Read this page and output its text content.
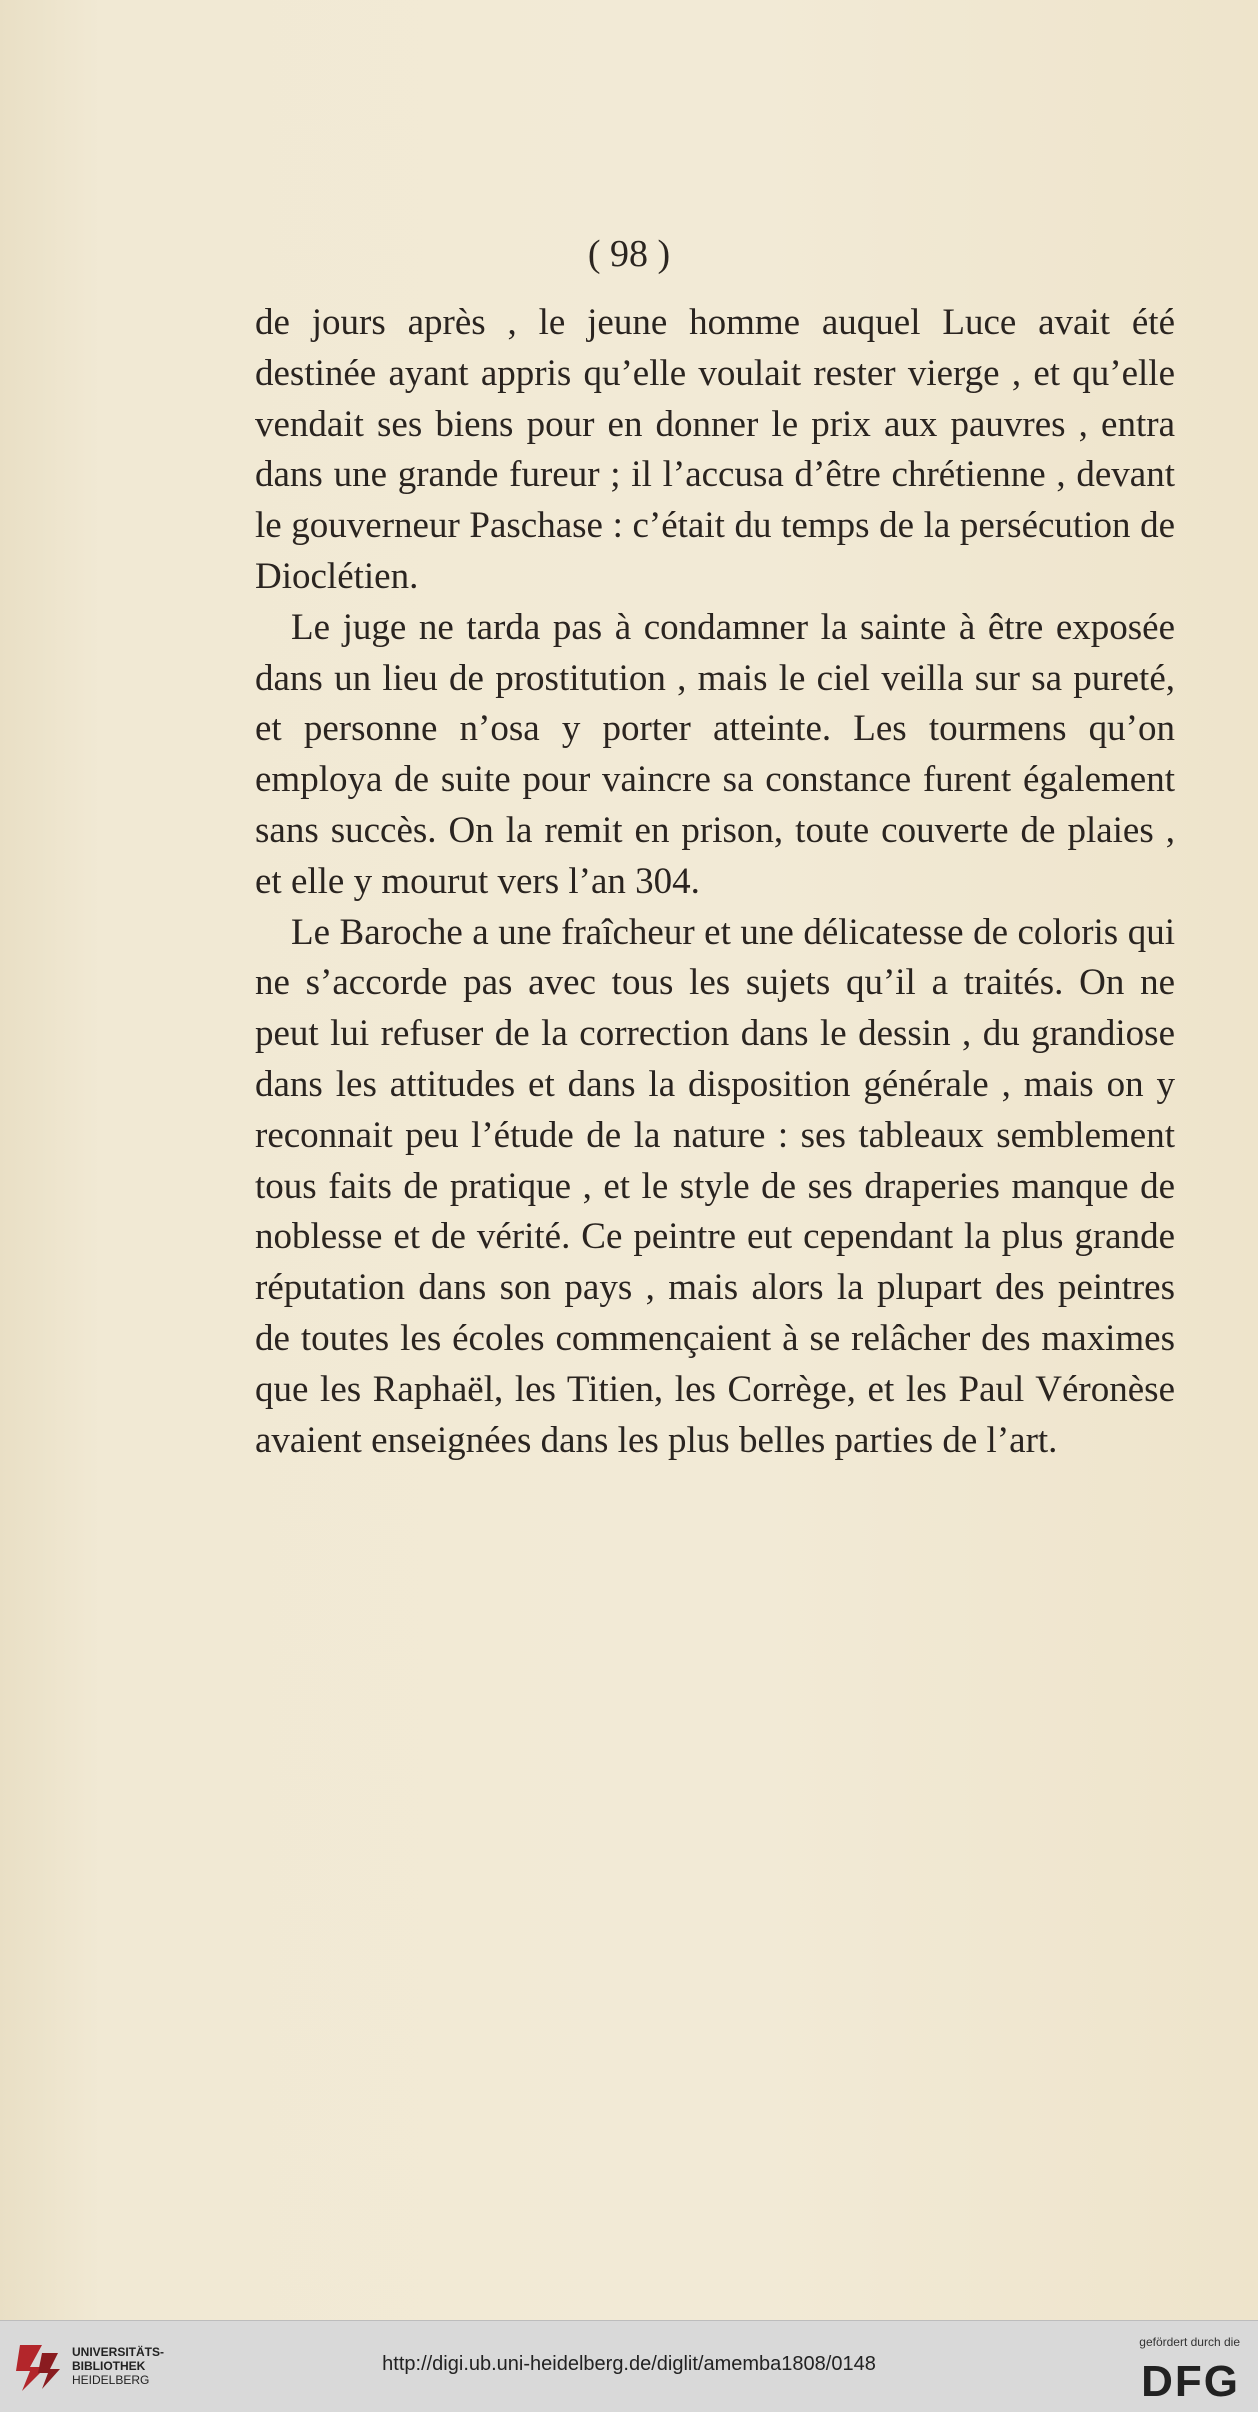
( 98 )

de jours après , le jeune homme auquel Luce avait été destinée ayant appris qu’elle voulait rester vierge , et qu’elle vendait ses biens pour en donner le prix aux pauvres , entra dans une grande fureur ; il l’accusa d’être chrétienne , devant le gouverneur Paschase : c’était du temps de la persécution de Dioclétien.

Le juge ne tarda pas à condamner la sainte à être exposée dans un lieu de prostitution , mais le ciel veilla sur sa pureté, et personne n’osa y porter atteinte. Les tourmens qu’on employa de suite pour vaincre sa constance furent également sans succès. On la remit en prison, toute couverte de plaies , et elle y mourut vers l’an 304.

Le Baroche a une fraîcheur et une délicatesse de coloris qui ne s’accorde pas avec tous les sujets qu’il a traités. On ne peut lui refuser de la correction dans le dessin , du grandiose dans les attitudes et dans la disposition générale , mais on y reconnait peu l’étude de la nature : ses tableaux semblement tous faits de pratique , et le style de ses draperies manque de noblesse et de vérité. Ce peintre eut cependant la plus grande réputation dans son pays , mais alors la plupart des peintres de toutes les écoles commençaient à se relâcher des maximes que les Raphaël, les Titien, les Corrège, et les Paul Véronèse avaient enseignées dans les plus belles parties de l’art.

UNIVERSITÄTS-
BIBLIOTHEK
HEIDELBERG
http://digi.ub.uni-heidelberg.de/diglit/amemba1808/0148
gefördert durch die
DFG
